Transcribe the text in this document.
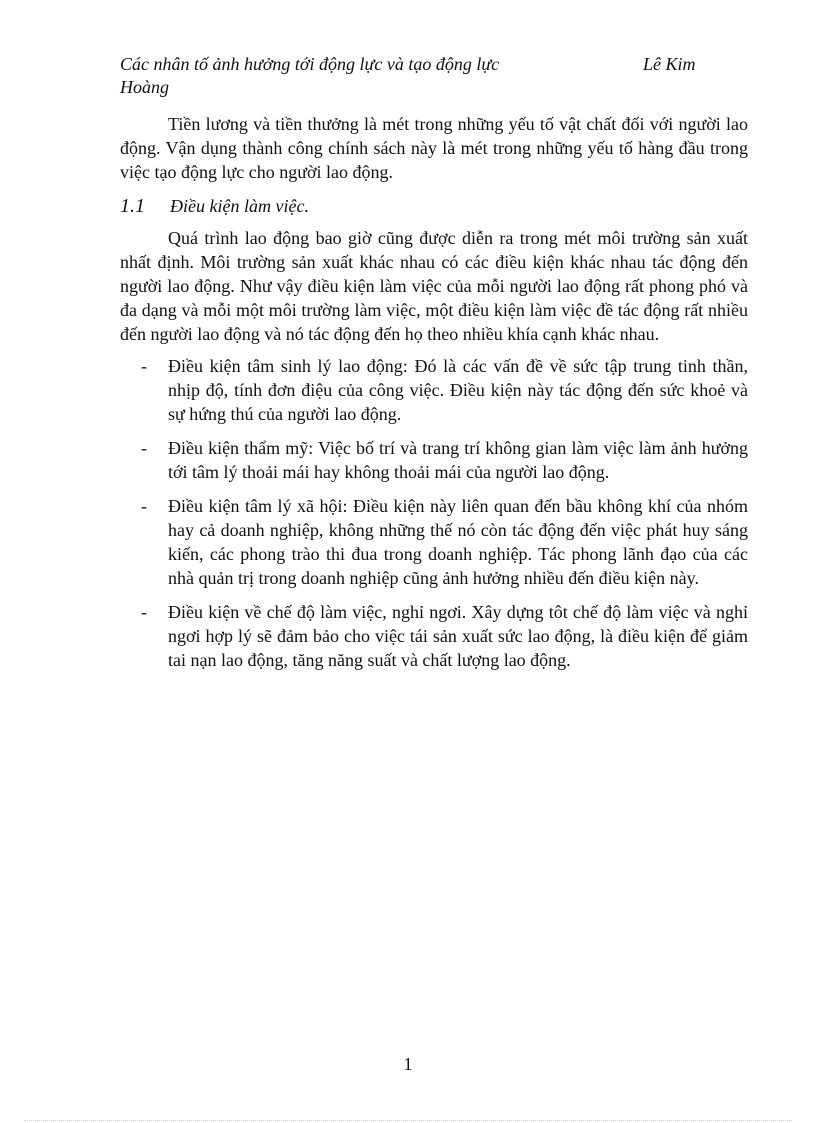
Các nhân tố ảnh hưởng tới động lực và tạo động lực	Lê Kim
Hoàng

Tiền lương và tiền thưởng là mét trong những yếu tố vật chất đối với người lao động. Vận dụng thành công chính sách này là mét trong những yếu tố hàng đầu trong việc tạo động lực cho người lao động.

1.1	Điều kiện làm việc.

Quá trình lao động bao giờ cũng được diễn ra trong mét môi trường sản xuất nhất định. Môi trường sản xuất khác nhau có các điều kiện khác nhau tác động đến người lao động. Như vậy điều kiện làm việc của mỗi người lao động rất phong phó và đa dạng và mỗi một môi trường làm việc, một điều kiện làm việc đề tác động rất nhiều đến người lao động và nó tác động đến họ theo nhiều khía cạnh khác nhau.

-	Điều kiện tâm sinh lý lao động: Đó là các vấn đề về sức tập trung tinh thần, nhịp độ, tính đơn điệu của công việc. Điều kiện này tác động đến sức khoẻ và sự hứng thú của người lao động.
-	Điều kiện thẩm mỹ: Việc bố trí và trang trí không gian làm việc làm ảnh hưởng tới tâm lý thoải mái hay không thoải mái của người lao động.
-	Điều kiện tâm lý xã hội: Điều kiện này liên quan đến bầu không khí của nhóm hay cả doanh nghiệp, không những thế nó còn tác động đến việc phát huy sáng kiến, các phong trào thi đua trong doanh nghiệp. Tác phong lãnh đạo của các nhà quản trị trong doanh nghiệp cũng ảnh hưởng nhiều đến điều kiện này.
-	Điều kiện về chế độ làm việc, nghỉ ngơi. Xây dựng tôt chế độ làm việc và nghỉ ngơi hợp lý sẽ đảm bảo cho việc tái sản xuất sức lao động, là điều kiện để giảm tai nạn lao động, tăng năng suất và chất lượng lao động.
1
